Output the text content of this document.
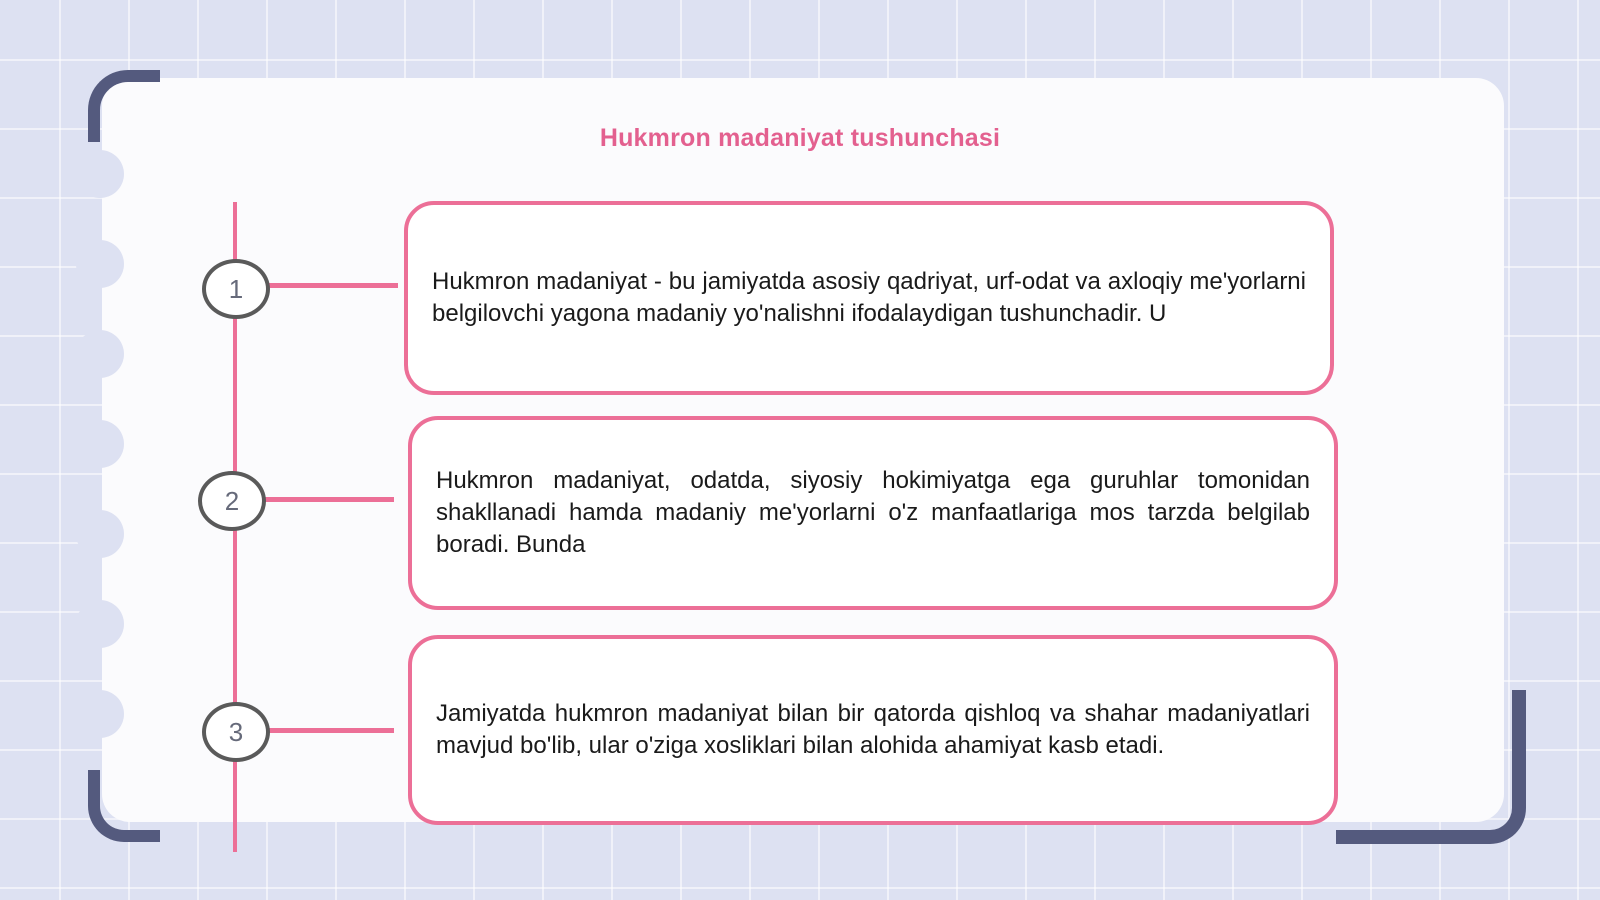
Hukmron madaniyat tushunchasi
1	Hukmron madaniyat - bu jamiyatda asosiy qadriyat, urf-odat va axloqiy me'yorlarni belgilovchi yagona madaniy yo'nalishni ifodalaydigan tushunchadir. U
2
Hukmron madaniyat, odatda, siyosiy hokimiyatga ega guruhlar tomonidan shakllanadi hamda madaniy me'yorlarni o'z manfaatlariga mos tarzda belgilab boradi. Bunda
3
Jamiyatda hukmron madaniyat bilan bir qatorda qishloq va shahar madaniyatlari mavjud bo'lib, ular o'ziga xosliklari bilan alohida ahamiyat kasb etadi.
